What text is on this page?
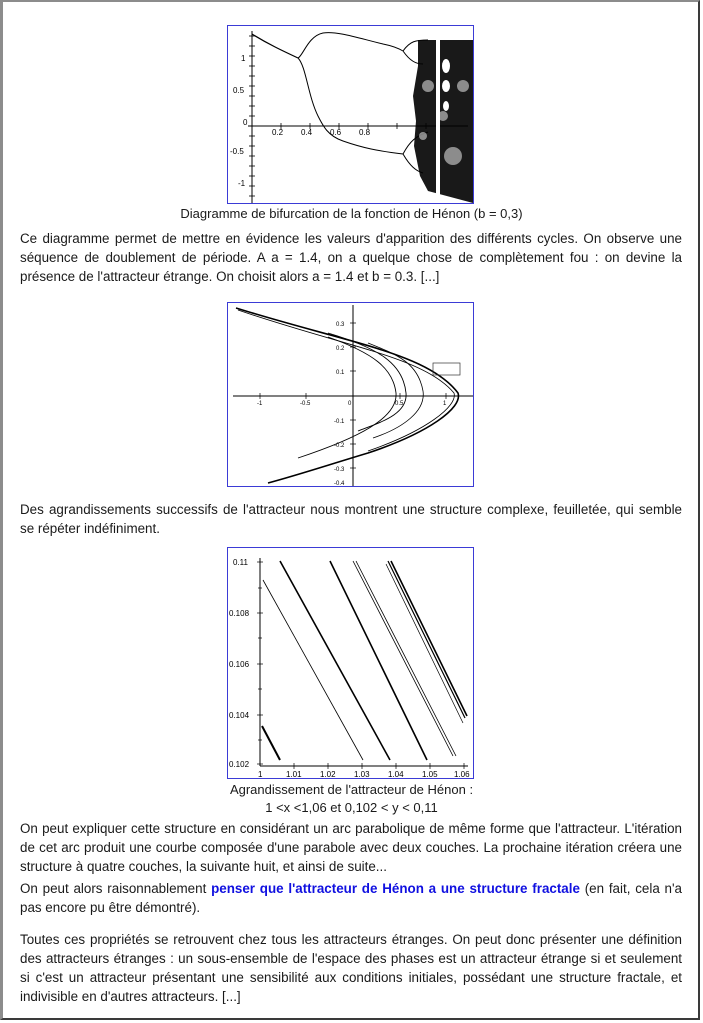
1
0.5
0
-0.5
-1
0.2 0.4 0.6 0.8
Diagramme de bifurcation de la fonction de Hénon (b = 0,3)

Ce diagramme permet de mettre en évidence les valeurs d'apparition des différents cycles. On observe une séquence de doublement de période. A a = 1.4, on a quelque chose de complètement fou : on devine la présence de l'attracteur étrange. On choisit alors a = 1.4 et b = 0.3. [...]

0.3
0.2
0.1
-0.1
-0.2
-0.3
-0.4
-1	-0.5	0	0.5	1

Des agrandissements successifs de l'attracteur nous montrent une structure complexe, feuilletée, qui semble se répéter indéfiniment.

0.11
0.108
0.106
0.104
0.102
1	1.01 1.02 1.03 1.04 1.05 1.06
Agrandissement de l'attracteur de Hénon :
1 <x <1,06 et 0,102 < y < 0,11

On peut expliquer cette structure en considérant un arc parabolique de même forme que l'attracteur. L'itération de cet arc produit une courbe composée d'une parabole avec deux couches. La prochaine itération créera une structure à quatre couches, la suivante huit, et ainsi de suite...

On peut alors raisonnablement penser que l'attracteur de Hénon a une structure fractale (en fait, cela n'a pas encore pu être démontré).

Toutes ces propriétés se retrouvent chez tous les attracteurs étranges. On peut donc présenter une définition des attracteurs étranges : un sous-ensemble de l'espace des phases est un attracteur étrange si et seulement si c'est un attracteur présentant une sensibilité aux conditions initiales, possédant une structure fractale, et indivisible en d'autres attracteurs. [...]
